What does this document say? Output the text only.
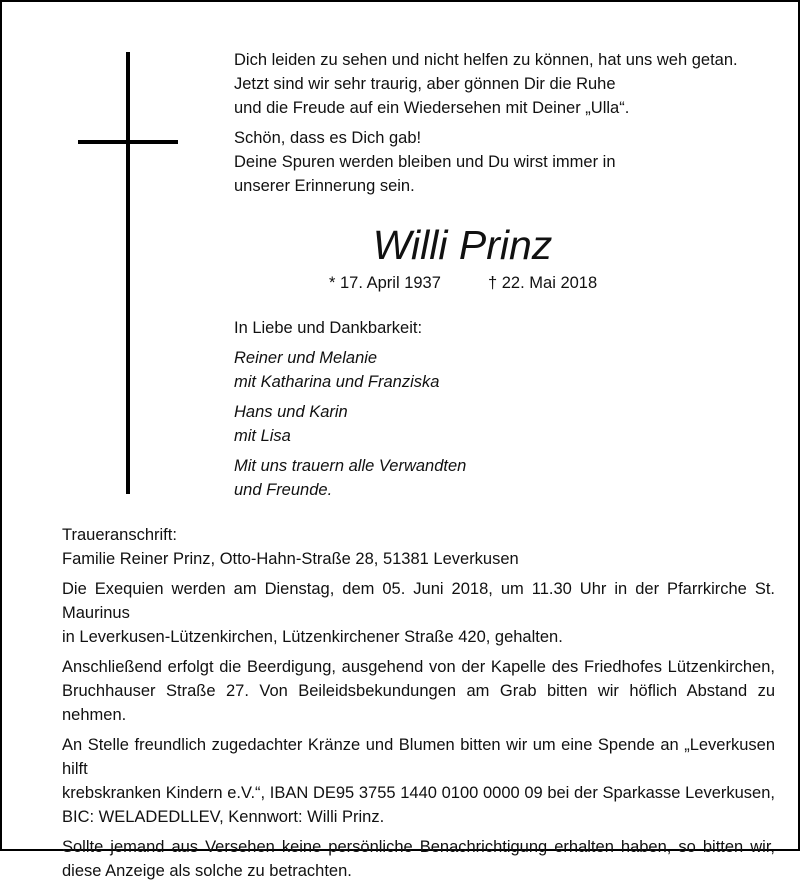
Dich leiden zu sehen und nicht helfen zu können, hat uns weh getan.
Jetzt sind wir sehr traurig, aber gönnen Dir die Ruhe
und die Freude auf ein Wiedersehen mit Deiner „Ulla“.

Schön, dass es Dich gab!
Deine Spuren werden bleiben und Du wirst immer in
unserer Erinnerung sein.

Willi Prinz
* 17. April 1937	† 22. Mai 2018

In Liebe und Dankbarkeit:

Reiner und Melanie
mit Katharina und Franziska

Hans und Karin
mit Lisa

Mit uns trauern alle Verwandten
und Freunde.

Traueranschrift:
Familie Reiner Prinz, Otto-Hahn-Straße 28, 51381 Leverkusen

Die Exequien werden am Dienstag, dem 05. Juni 2018, um 11.30 Uhr in der Pfarrkirche St. Maurinus
in Leverkusen-Lützenkirchen, Lützenkirchener Straße 420, gehalten.

Anschließend erfolgt die Beerdigung, ausgehend von der Kapelle des Friedhofes Lützenkirchen,
Bruchhauser Straße 27. Von Beileidsbekundungen am Grab bitten wir höflich Abstand zu nehmen.

An Stelle freundlich zugedachter Kränze und Blumen bitten wir um eine Spende an „Leverkusen hilft
krebskranken Kindern e.V.“, IBAN DE95 3755 1440 0100 0000 09 bei der Sparkasse Leverkusen,
BIC: WELADEDLLEV, Kennwort: Willi Prinz.

Sollte jemand aus Versehen keine persönliche Benachrichtigung erhalten haben, so bitten wir,
diese Anzeige als solche zu betrachten.
